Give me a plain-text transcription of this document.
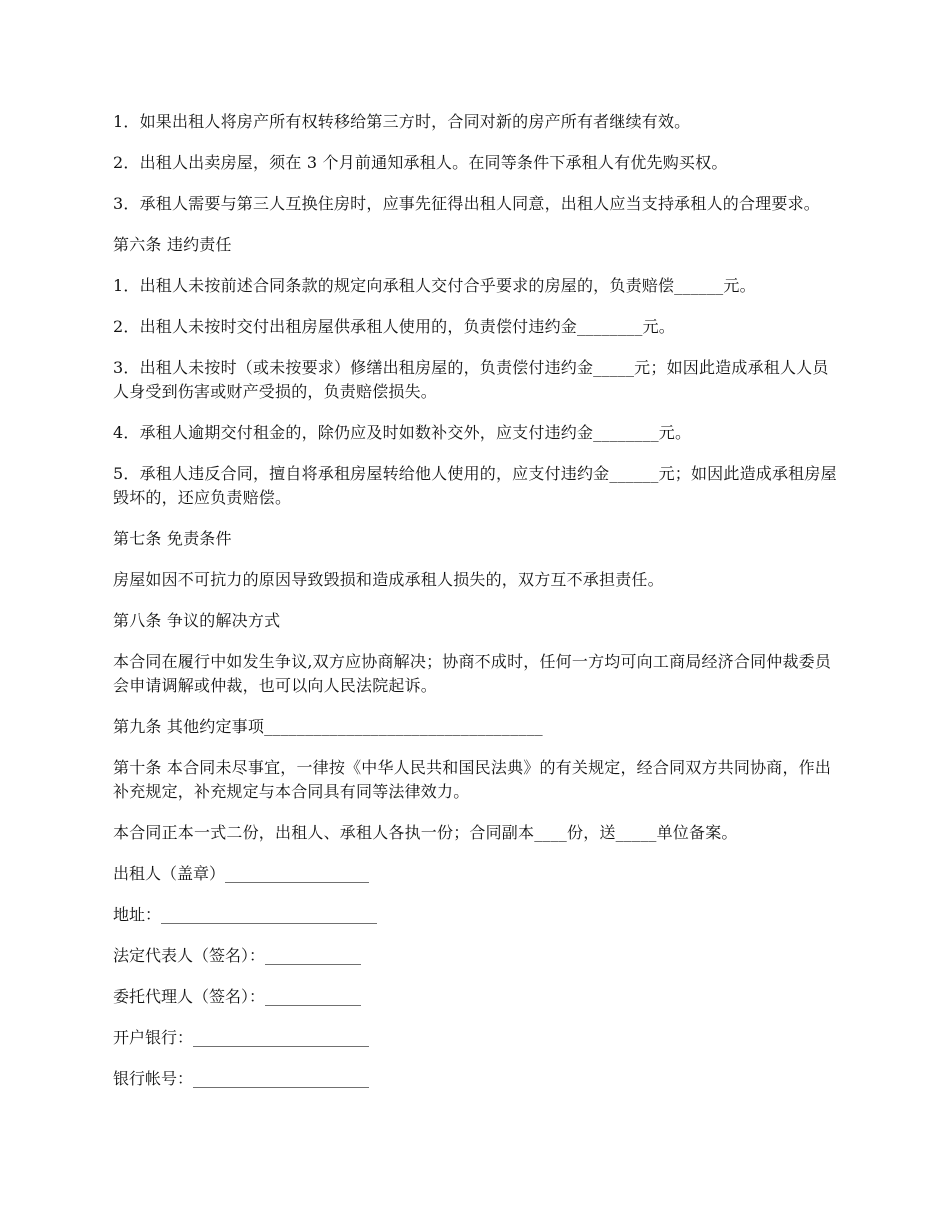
1．如果出租人将房产所有权转移给第三方时，合同对新的房产所有者继续有效。

2．出租人出卖房屋，须在 3 个月前通知承租人。在同等条件下承租人有优先购买权。

3．承租人需要与第三人互换住房时，应事先征得出租人同意，出租人应当支持承租人的合理要求。

第六条 违约责任

1．出租人未按前述合同条款的规定向承租人交付合乎要求的房屋的，负责赔偿______元。

2．出租人未按时交付出租房屋供承租人使用的，负责偿付违约金________元。

3．出租人未按时（或未按要求）修缮出租房屋的，负责偿付违约金_____元；如因此造成承租人人员人身受到伤害或财产受损的，负责赔偿损失。

4．承租人逾期交付租金的，除仍应及时如数补交外，应支付违约金________元。

5．承租人违反合同，擅自将承租房屋转给他人使用的，应支付违约金______元；如因此造成承租房屋毁坏的，还应负责赔偿。

第七条 免责条件

房屋如因不可抗力的原因导致毁损和造成承租人损失的，双方互不承担责任。

第八条 争议的解决方式

本合同在履行中如发生争议,双方应协商解决；协商不成时，任何一方均可向工商局经济合同仲裁委员会申请调解或仲裁，也可以向人民法院起诉。

第九条 其他约定事项__________________________________

第十条 本合同未尽事宜，一律按《中华人民共和国民法典》的有关规定，经合同双方共同协商，作出补充规定，补充规定与本合同具有同等法律效力。

本合同正本一式二份，出租人、承租人各执一份；合同副本____份，送_____单位备案。

出租人（盖章）__________________

地址：___________________________

法定代表人（签名）：____________

委托代理人（签名）：____________

开户银行：______________________

银行帐号：______________________
